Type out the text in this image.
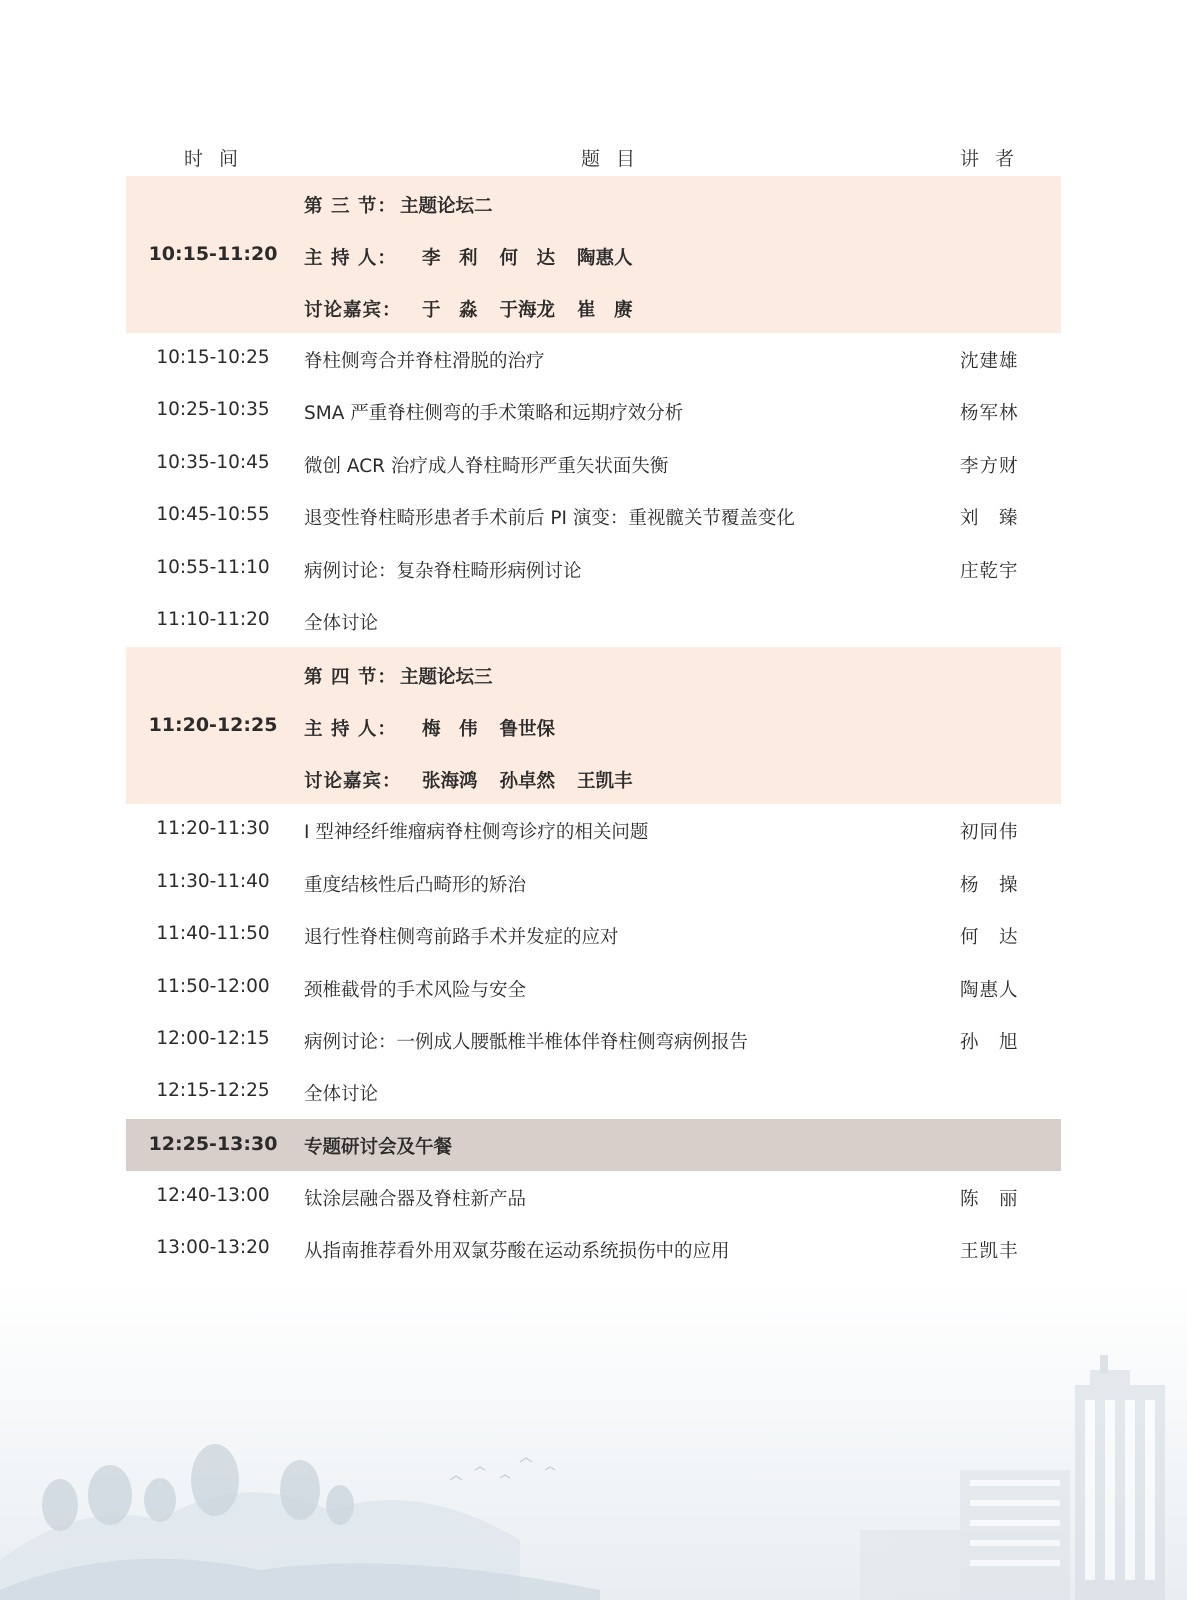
时间	题目	讲者
10:15-11:20
第 三 节： 主题论坛二
主 持 人： 李　利 何　达 陶惠人
讨论嘉宾： 于　淼 于海龙 崔　赓
10:15-10:25	脊柱侧弯合并脊柱滑脱的治疗	沈建雄
10:25-10:35	SMA 严重脊柱侧弯的手术策略和远期疗效分析	杨军林
10:35-10:45	微创 ACR 治疗成人脊柱畸形严重矢状面失衡	李方财
10:45-10:55	退变性脊柱畸形患者手术前后 PI 演变：重视髋关节覆盖变化	刘　臻
10:55-11:10	病例讨论：复杂脊柱畸形病例讨论	庄乾宇
11:10-11:20	全体讨论
11:20-12:25
第 四 节： 主题论坛三
主 持 人： 梅　伟 鲁世保
讨论嘉宾： 张海鸿 孙卓然 王凯丰
11:20-11:30	I 型神经纤维瘤病脊柱侧弯诊疗的相关问题	初同伟
11:30-11:40	重度结核性后凸畸形的矫治	杨　操
11:40-11:50	退行性脊柱侧弯前路手术并发症的应对	何　达
11:50-12:00	颈椎截骨的手术风险与安全	陶惠人
12:00-12:15	病例讨论：一例成人腰骶椎半椎体伴脊柱侧弯病例报告	孙　旭
12:15-12:25	全体讨论
12:25-13:30	专题研讨会及午餐
12:40-13:00	钛涂层融合器及脊柱新产品	陈　丽
13:00-13:20	从指南推荐看外用双氯芬酸在运动系统损伤中的应用	王凯丰
